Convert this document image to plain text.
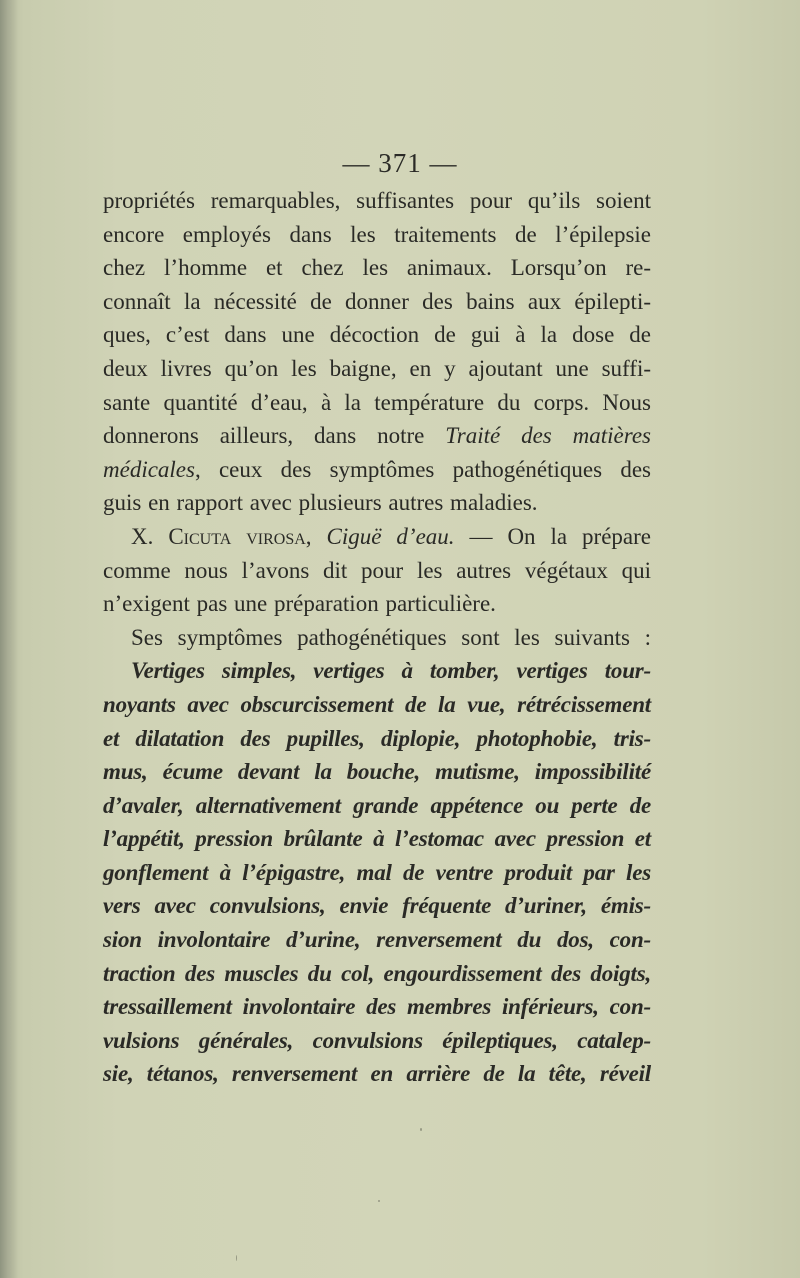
— 371 —
propriétés remarquables, suffisantes pour qu’ils soient
encore employés dans les traitements de l’épilepsie
chez l’homme et chez les animaux. Lorsqu’on re-
connaît la nécessité de donner des bains aux épilepti-
ques, c’est dans une décoction de gui à la dose de
deux livres qu’on les baigne, en y ajoutant une suffi-
sante quantité d’eau, à la température du corps. Nous
donnerons ailleurs, dans notre Traité des matières
médicales, ceux des symptômes pathogénétiques des
guis en rapport avec plusieurs autres maladies.
X. Cicuta virosa, Ciguë d’eau. — On la prépare
comme nous l’avons dit pour les autres végétaux qui
n’exigent pas une préparation particulière.
Ses symptômes pathogénétiques sont les suivants :
Vertiges simples, vertiges à tomber, vertiges tour-
noyants avec obscurcissement de la vue, rétrécissement
et dilatation des pupilles, diplopie, photophobie, tris-
mus, écume devant la bouche, mutisme, impossibilité
d’avaler, alternativement grande appétence ou perte de
l’appétit, pression brûlante à l’estomac avec pression et
gonflement à l’épigastre, mal de ventre produit par les
vers avec convulsions, envie fréquente d’uriner, émis-
sion involontaire d’urine, renversement du dos, con-
traction des muscles du col, engourdissement des doigts,
tressaillement involontaire des membres inférieurs, con-
vulsions générales, convulsions épileptiques, catalep-
sie, tétanos, renversement en arrière de la tête, réveil
